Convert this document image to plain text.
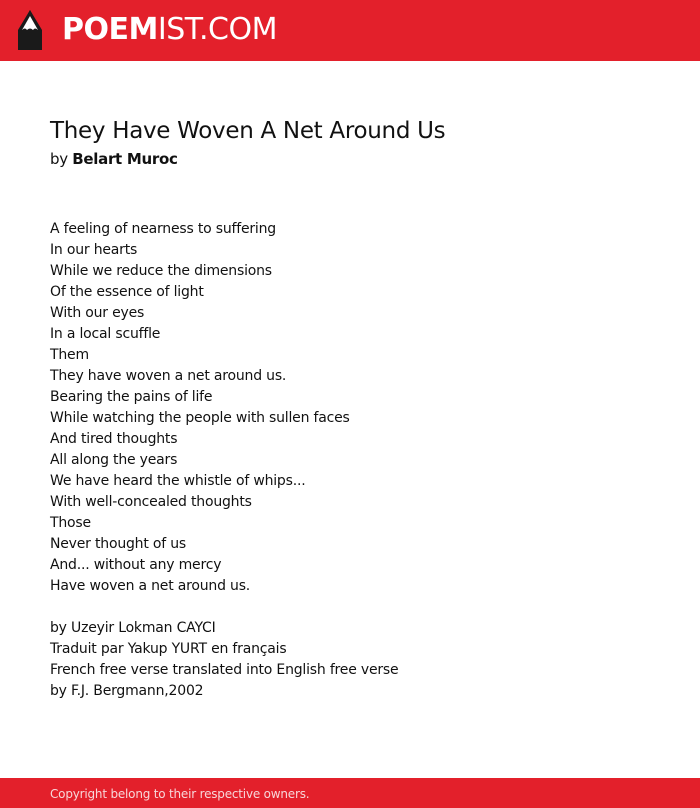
POEMIST.COM
They Have Woven A Net Around Us
by Belart Muroc
A feeling of nearness to suffering
In our hearts
While we reduce the dimensions
Of the essence of light
With our eyes
In a local scuffle
Them
They have woven a net around us.
Bearing the pains of life
While watching the people with sullen faces
And tired thoughts
All along the years
We have heard the whistle of whips...
With well-concealed thoughts
Those
Never thought of us
And... without any mercy
Have woven a net around us.
by Uzeyir Lokman CAYCI
Traduit par Yakup YURT en français
French free verse translated into English free verse
by F.J. Bergmann,2002
Copyright belong to their respective owners.
